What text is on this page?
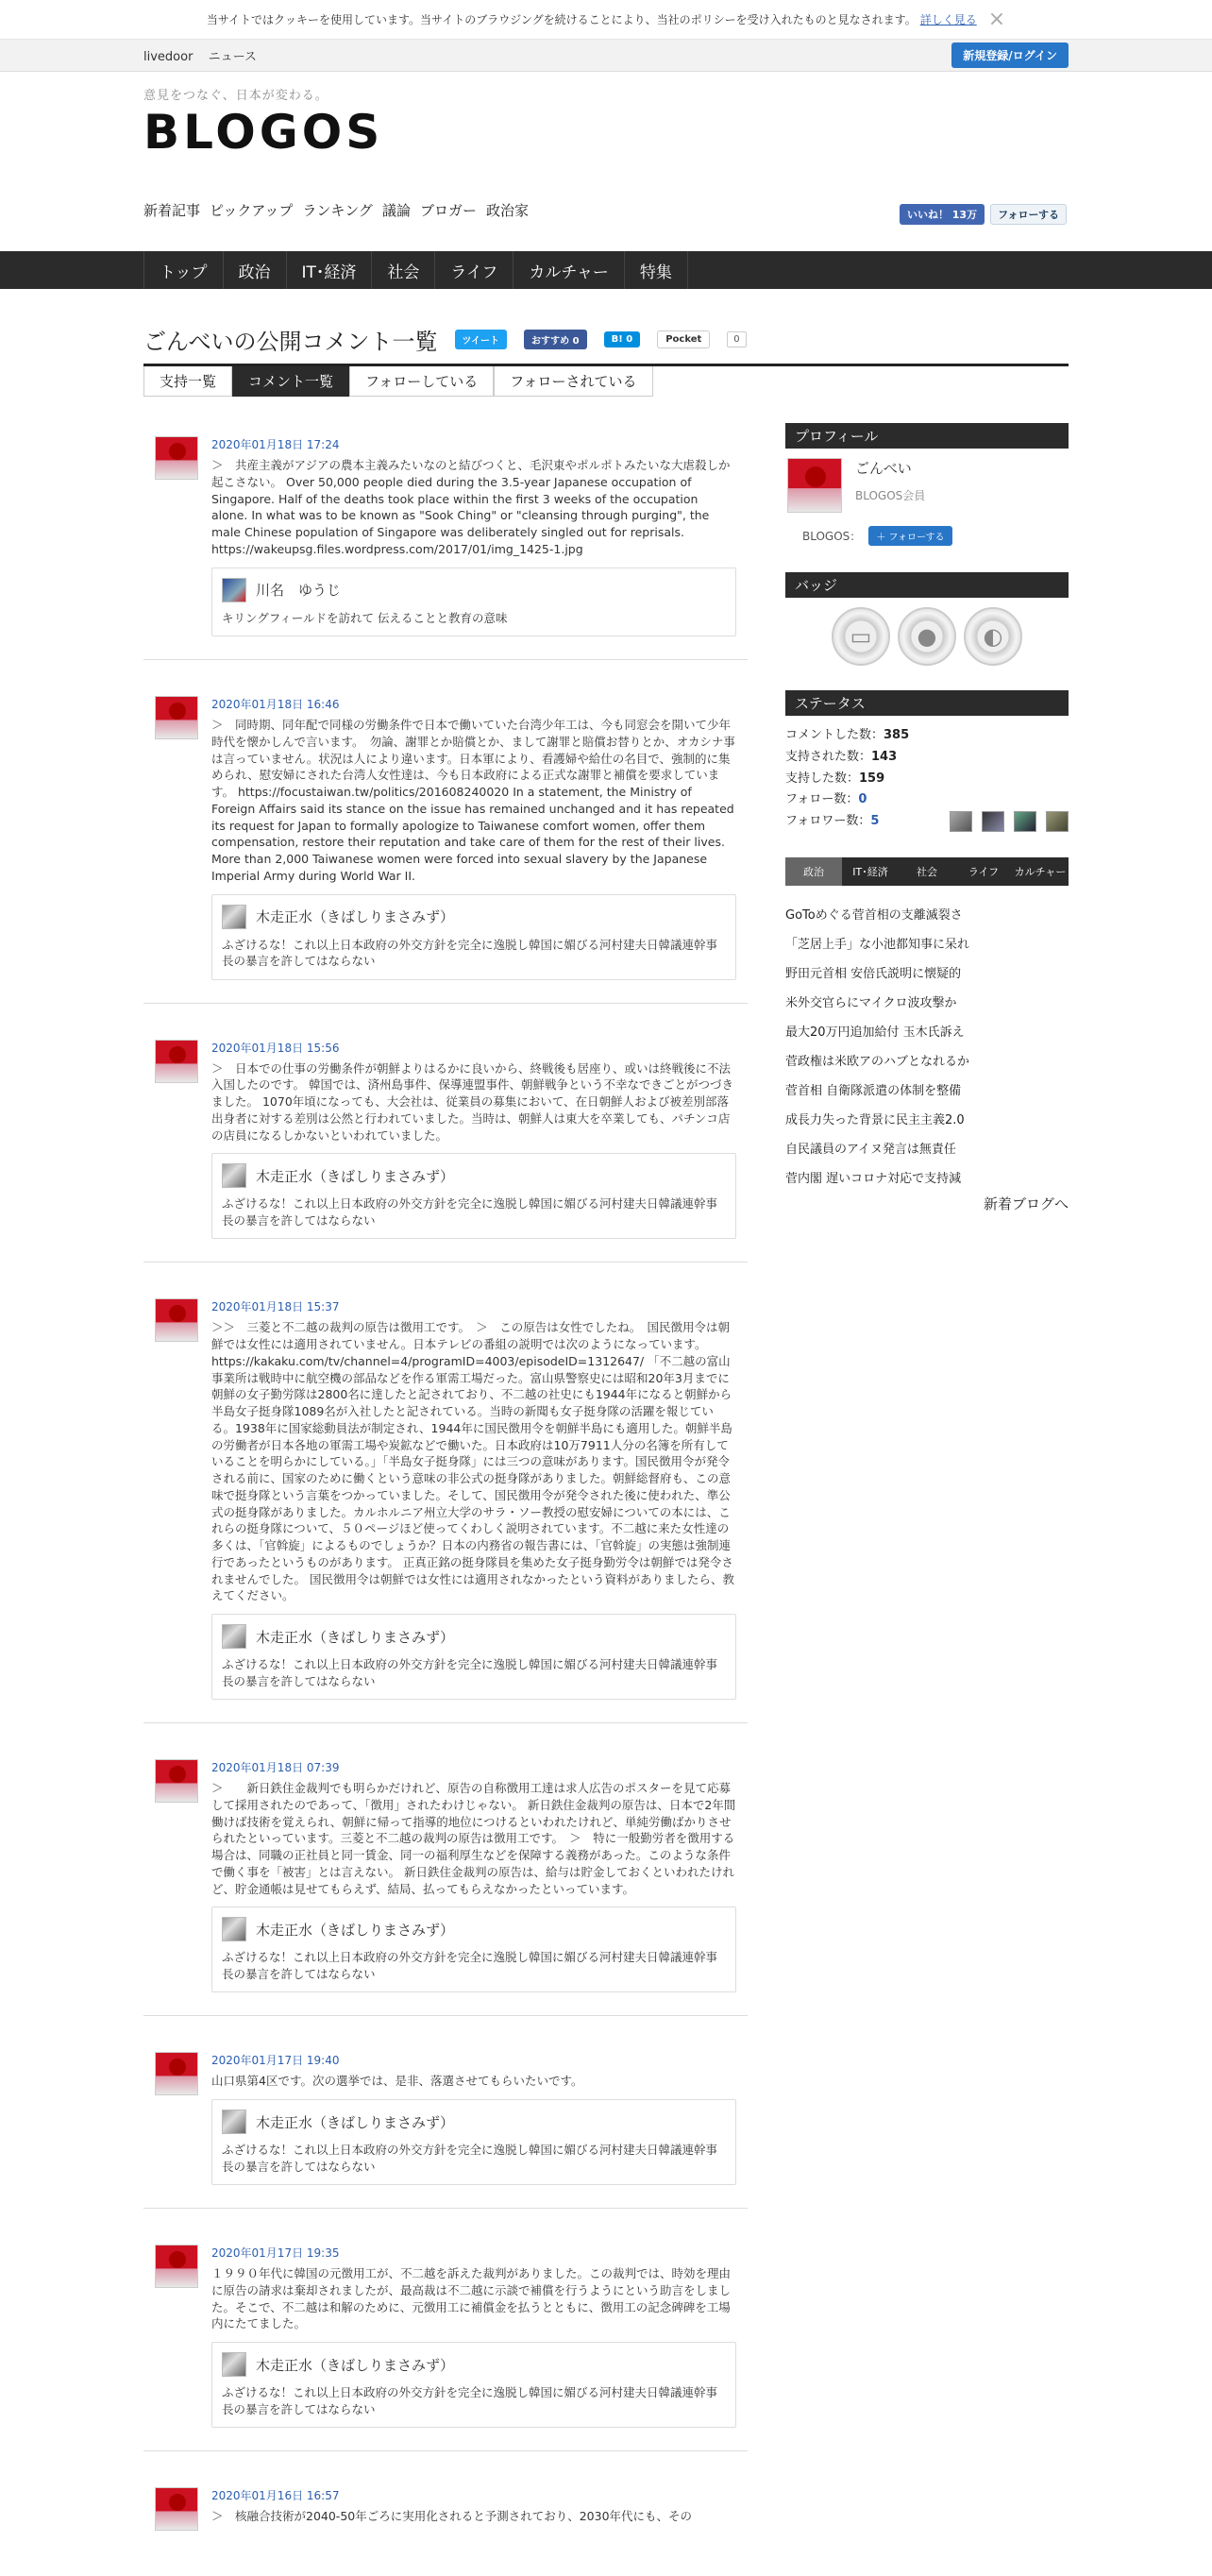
当サイトではクッキーを使用しています。当サイトのブラウジングを続けることにより、当社のポリシーを受け入れたものと見なされます。 詳しく見る ×
livedoor ニュース	新規登録/ログイン
意見をつなぐ、日本が変わる。
BLOGOS
新着記事 ピックアップ ランキング 議論 ブロガー 政治家	いいね！ 13万	フォローする
トップ	政治	IT･経済	社会	ライフ	カルチャー	特集
ごんべいの公開コメント一覧	ツイート	おすすめ 0	B! 0	Pocket	0
支持一覧	コメント一覧	フォローしている	フォローされている
2020年01月18日 17:24
＞　共産主義がアジアの農本主義みたいなのと結びつくと、毛沢東やポルポトみたいな大虐殺しか起こさない。 Over 50,000 people died during the 3.5-year Japanese occupation of Singapore. Half of the deaths took place within the first 3 weeks of the occupation alone. In what was to be known as "Sook Ching" or "cleansing through purging", the male Chinese population of Singapore was deliberately singled out for reprisals. https://wakeupsg.files.wordpress.com/2017/01/img_1425-1.jpg
川名　ゆうじ
キリングフィールドを訪れて 伝えることと教育の意味
2020年01月18日 16:46
＞　同時期、同年配で同様の労働条件で日本で働いていた台湾少年工は、今も同窓会を開いて少年時代を懐かしんで言います。　勿論、謝罪とか賠償とか、まして謝罪と賠償お替りとか、オカシナ事は言っていません。状況は人により違います。日本軍により、看護婦や給仕の名目で、強制的に集められ、慰安婦にされた台湾人女性達は、今も日本政府による正式な謝罪と補償を要求しています。 https://focustaiwan.tw/politics/201608240020 In a statement, the Ministry of Foreign Affairs said its stance on the issue has remained unchanged and it has repeated its request for Japan to formally apologize to Taiwanese comfort women, offer them compensation, restore their reputation and take care of them for the rest of their lives. More than 2,000 Taiwanese women were forced into sexual slavery by the Japanese Imperial Army during World War II.
木走正水（きばしりまさみず）
ふざけるな！これ以上日本政府の外交方針を完全に逸脱し韓国に媚びる河村建夫日韓議連幹事長の暴言を許してはならない
2020年01月18日 15:56
＞　日本での仕事の労働条件が朝鮮よりはるかに良いから、終戦後も居座り、或いは終戦後に不法入国したのです。 韓国では、済州島事件、保導連盟事件、朝鮮戦争という不幸なできごとがつづきました。 1070年頃になっても、大会社は、従業員の募集において、在日朝鮮人および被差別部落出身者に対する差別は公然と行われていました。当時は、朝鮮人は東大を卒業しても、パチンコ店の店員になるしかないといわれていました。
木走正水（きばしりまさみず）
ふざけるな！これ以上日本政府の外交方針を完全に逸脱し韓国に媚びる河村建夫日韓議連幹事長の暴言を許してはならない
2020年01月18日 15:37
＞＞　三菱と不二越の裁判の原告は徴用工です。　＞　この原告は女性でしたね。　国民徴用令は朝鮮では女性には適用されていません。日本テレビの番組の説明では次のようになっています。 https://kakaku.com/tv/channel=4/programID=4003/episodeID=1312647/ 「不二越の富山事業所は戦時中に航空機の部品などを作る軍需工場だった。富山県警察史には昭和20年3月までに朝鮮の女子勤労隊は2800名に達したと記されており、不二越の社史にも1944年になると朝鮮から半島女子挺身隊1089名が入社したと記されている。当時の新聞も女子挺身隊の活躍を報じている。1938年に国家総動員法が制定され、1944年に国民徴用令を朝鮮半島にも適用した。朝鮮半島の労働者が日本各地の軍需工場や炭鉱などで働いた。日本政府は10万7911人分の名簿を所有していることを明らかにしている。」「半島女子挺身隊」には三つの意味があります。国民徴用令が発令される前に、国家のために働くという意味の非公式の挺身隊がありました。朝鮮総督府も、この意味で挺身隊という言葉をつかっていました。そして、国民徴用令が発令された後に使われた、準公式の挺身隊がありました。カルホルニア州立大学のサラ・ソー教授の慰安婦についての本には、これらの挺身隊について、５０ページほど使ってくわしく説明されています。不二越に来た女性達の多くは、「官斡旋」によるものでしょうか？日本の内務省の報告書には、「官斡旋」の実態は強制連行であったというものがあります。 正真正銘の挺身隊員を集めた女子挺身勤労令は朝鮮では発令されませんでした。 国民徴用令は朝鮮では女性には適用されなかったという資料がありましたら、教えてください。
木走正水（きばしりまさみず）
ふざけるな！これ以上日本政府の外交方針を完全に逸脱し韓国に媚びる河村建夫日韓議連幹事長の暴言を許してはならない
2020年01月18日 07:39
＞　　新日鉄住金裁判でも明らかだけれど、原告の自称徴用工達は求人広告のポスターを見て応募して採用されたのであって、「徴用」されたわけじゃない。 新日鉄住金裁判の原告は、日本で2年間働けば技術を覚えられ、朝鮮に帰って指導的地位につけるといわれたけれど、単純労働ばかりさせられたといっています。三菱と不二越の裁判の原告は徴用工です。　＞　特に一般勤労者を徴用する場合は、同職の正社員と同一賃金、同一の福利厚生などを保障する義務があった。このような条件で働く事を「被害」とは言えない。 新日鉄住金裁判の原告は、給与は貯金しておくといわれたけれど、貯金通帳は見せてもらえず、結局、払ってもらえなかったといっています。
木走正水（きばしりまさみず）
ふざけるな！これ以上日本政府の外交方針を完全に逸脱し韓国に媚びる河村建夫日韓議連幹事長の暴言を許してはならない
2020年01月17日 19:40
山口県第4区です。次の選挙では、是非、落選させてもらいたいです。
木走正水（きばしりまさみず）
ふざけるな！これ以上日本政府の外交方針を完全に逸脱し韓国に媚びる河村建夫日韓議連幹事長の暴言を許してはならない
2020年01月17日 19:35
１９９０年代に韓国の元徴用工が、不二越を訴えた裁判がありました。この裁判では、時効を理由に原告の請求は棄却されましたが、最高裁は不二越に示談で補償を行うようにという助言をしました。そこで、不二越は和解のために、元徴用工に補償金を払うとともに、徴用工の記念碑碑を工場内にたてました。
木走正水（きばしりまさみず）
ふざけるな！これ以上日本政府の外交方針を完全に逸脱し韓国に媚びる河村建夫日韓議連幹事長の暴言を許してはならない
2020年01月16日 16:57
＞　核融合技術が2040-50年ごろに実用化されると予測されており、2030年代にも、その
プロフィール
ごんべい
BLOGOS会員
BLOGOS：	＋ フォローする
バッジ
▭	●	◐
ステータス
コメントした数：385
支持された数：143
支持した数：159
フォロー数：0
フォロワー数：5
政治	IT･経済	社会	ライフ	カルチャー
GoToめぐる菅首相の支離滅裂さ
「芝居上手」な小池都知事に呆れ
野田元首相 安倍氏説明に懐疑的
米外交官らにマイクロ波攻撃か
最大20万円追加給付 玉木氏訴え
菅政権は米欧アのハブとなれるか
菅首相 自衛隊派遣の体制を整備
成長力失った背景に民主主義2.0
自民議員のアイヌ発言は無責任
菅内閣 遅いコロナ対応で支持減
新着ブログへ
